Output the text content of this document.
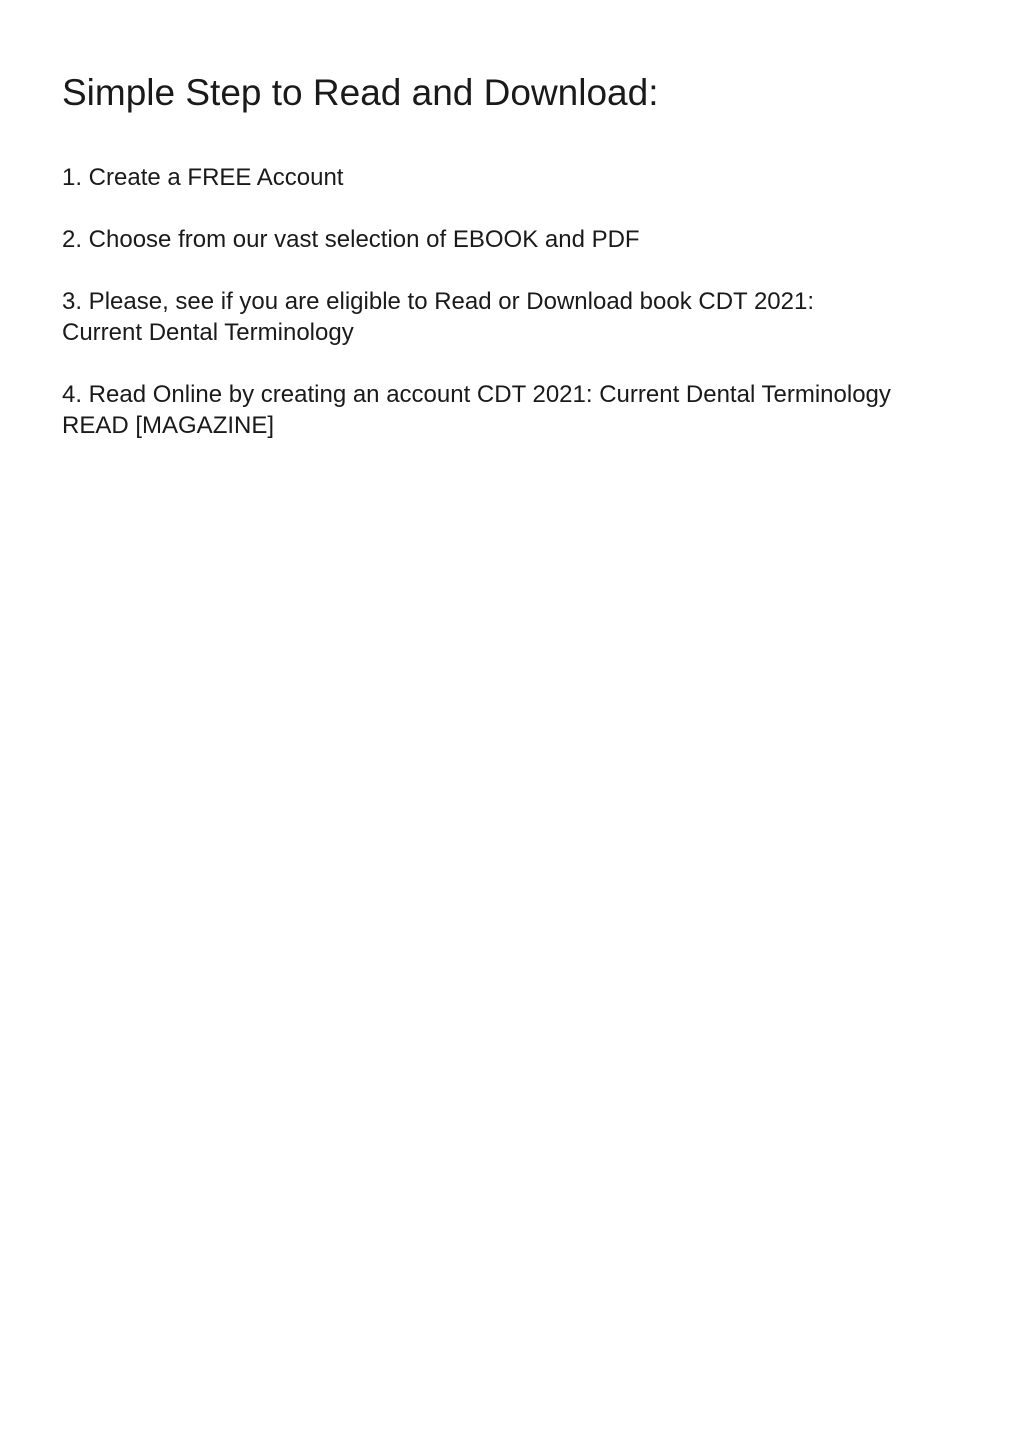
Simple Step to Read and Download:

1. Create a FREE Account

2. Choose from our vast selection of EBOOK and PDF

3. Please, see if you are eligible to Read or Download book CDT 2021:
Current Dental Terminology

4. Read Online by creating an account CDT 2021: Current Dental Terminology
READ [MAGAZINE]
